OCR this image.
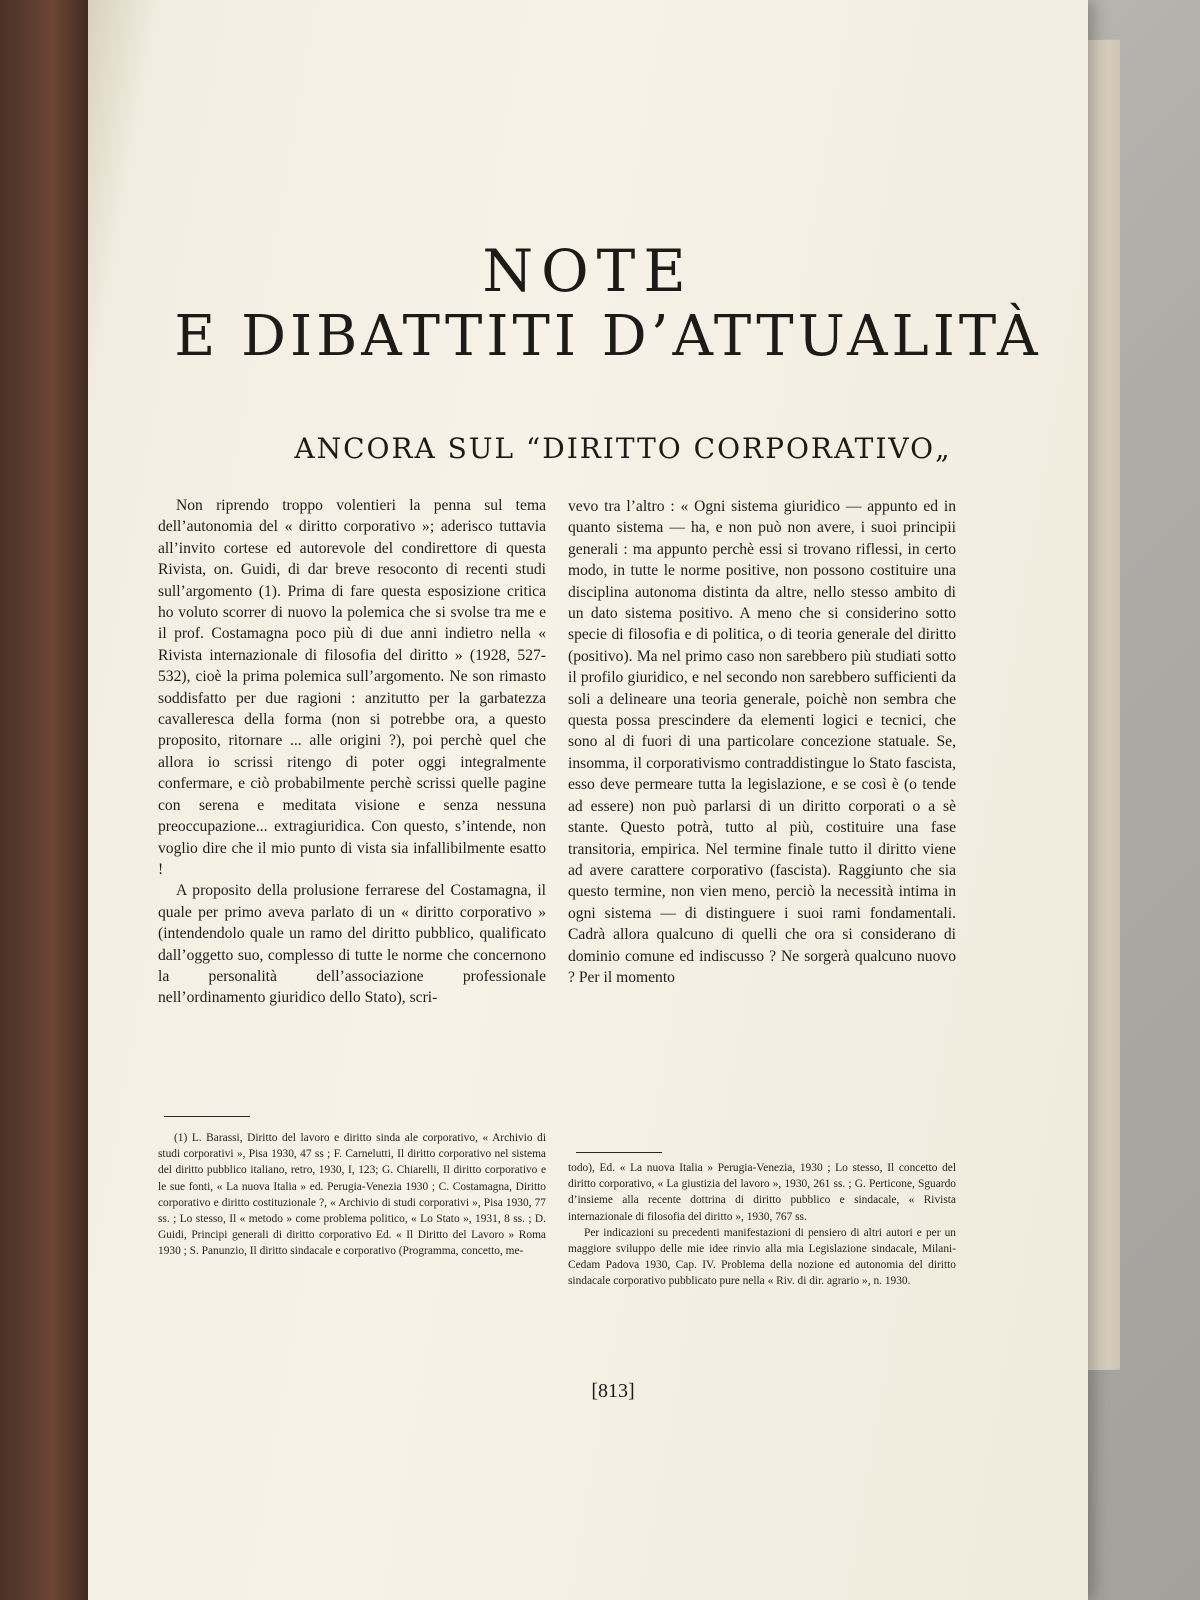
NOTE
E DIBATTITI D’ATTUALITÀ
ANCORA SUL “DIRITTO CORPORATIVO„

Non riprendo troppo volentieri la penna sul tema dell’autonomia del « diritto corporativo »; aderisco tuttavia all’invito cortese ed autorevole del condirettore di questa Rivista, on. Guidi, di dar breve resoconto di recenti studi sull’argomento (1). Prima di fare questa esposizione critica ho voluto scorrer di nuovo la polemica che si svolse tra me e il prof. Costamagna poco più di due anni indietro nella « Rivista internazionale di filosofia del diritto » (1928, 527-532), cioè la prima polemica sull’argomento. Ne son rimasto soddisfatto per due ragioni : anzitutto per la garbatezza cavalleresca della forma (non si potrebbe ora, a questo proposito, ritornare ... alle origini ?), poi perchè quel che allora io scrissi ritengo di poter oggi integralmente confermare, e ciò probabilmente perchè scrissi quelle pagine con serena e meditata visione e senza nessuna preoccupazione... extragiuridica. Con questo, s’intende, non voglio dire che il mio punto di vista sia infallibilmente esatto !

A proposito della prolusione ferrarese del Costamagna, il quale per primo aveva parlato di un « diritto corporativo » (intendendolo quale un ramo del diritto pubblico, qualificato dall’oggetto suo, complesso di tutte le norme che concernono la personalità dell’associazione professionale nell’ordinamento giuridico dello Stato), scri-

vevo tra l’altro : « Ogni sistema giuridico — appunto ed in quanto sistema — ha, e non può non avere, i suoi principii generali : ma appunto perchè essi si trovano riflessi, in certo modo, in tutte le norme positive, non possono costituire una disciplina autonoma distinta da altre, nello stesso ambito di un dato sistema positivo. A meno che si considerino sotto specie di filosofia e di politica, o di teoria generale del diritto (positivo). Ma nel primo caso non sarebbero più studiati sotto il profilo giuridico, e nel secondo non sarebbero sufficienti da soli a delineare una teoria generale, poichè non sembra che questa possa prescindere da elementi logici e tecnici, che sono al di fuori di una particolare concezione statuale. Se, insomma, il corporativismo contraddistingue lo Stato fascista, esso deve permeare tutta la legislazione, e se così è (o tende ad essere) non può parlarsi di un diritto corporati o a sè stante. Questo potrà, tutto al più, costituire una fase transitoria, empirica. Nel termine finale tutto il diritto viene ad avere carattere corporativo (fascista). Raggiunto che sia questo termine, non vien meno, perciò la necessità intima in ogni sistema — di distinguere i suoi rami fondamentali. Cadrà allora qualcuno di quelli che ora si considerano di dominio comune ed indiscusso ? Ne sorgerà qualcuno nuovo ? Per il momento

(1) L. Barassi, Diritto del lavoro e diritto sinda ale corporativo, « Archivio di studi corporativi », Pisa 1930, 47 ss ; F. Carnelutti, Il diritto corporativo nel sistema del diritto pubblico italiano, retro, 1930, I, 123; G. Chiarelli, Il diritto corporativo e le sue fonti, « La nuova Italia » ed. Perugia-Venezia 1930 ; C. Costamagna, Diritto corporativo e diritto costituzionale ?, « Archivio di studi corporativi », Pisa 1930, 77 ss. ; Lo stesso, Il « metodo » come problema politico, « Lo Stato », 1931, 8 ss. ; D. Guidi, Principi generali di diritto corporativo Ed. « Il Diritto del Lavoro » Roma 1930 ; S. Panunzio, Il diritto sindacale e corporativo (Programma, concetto, me-

todo), Ed. « La nuova Italia » Perugia-Venezia, 1930 ; Lo stesso, Il concetto del diritto corporativo, « La giustizia del lavoro », 1930, 261 ss. ; G. Perticone, Sguardo d’insieme alla recente dottrina di diritto pubblico e sindacale, « Rivista internazionale di filosofia del diritto », 1930, 767 ss.

Per indicazioni su precedenti manifestazioni di pensiero di altri autori e per un maggiore sviluppo delle mie idee rinvio alla mia Legislazione sindacale, Milani-Cedam Padova 1930, Cap. IV. Problema della nozione ed autonomia del diritto sindacale corporativo pubblicato pure nella « Riv. di dir. agrario », n. 1930.

[813]
